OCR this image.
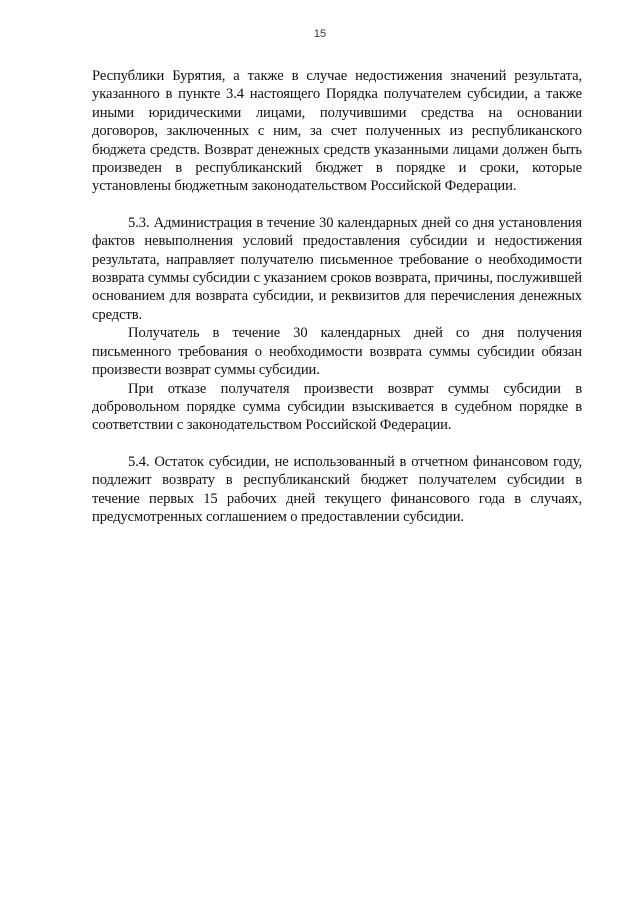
15

Республики Бурятия, а также в случае недостижения значений результата, указанного в пункте 3.4 настоящего Порядка получателем субсидии, а также иными юридическими лицами, получившими средства на основании договоров, заключенных с ним, за счет полученных из республиканского бюджета средств. Возврат денежных средств указанными лицами должен быть произведен в республиканский бюджет в порядке и сроки, которые установлены бюджетным законодательством Российской Федерации.

5.3. Администрация в течение 30 календарных дней со дня установления фактов невыполнения условий предоставления субсидии и недостижения результата, направляет получателю письменное требование о необходимости возврата суммы субсидии с указанием сроков возврата, причины, послужившей основанием для возврата субсидии, и реквизитов для перечисления денежных средств.

Получатель в течение 30 календарных дней со дня получения письменного требования о необходимости возврата суммы субсидии обязан произвести возврат суммы субсидии.

При отказе получателя произвести возврат суммы субсидии в добровольном порядке сумма субсидии взыскивается в судебном порядке в соответствии с законодательством Российской Федерации.

5.4. Остаток субсидии, не использованный в отчетном финансовом году, подлежит возврату в республиканский бюджет получателем субсидии в течение первых 15 рабочих дней текущего финансового года в случаях, предусмотренных соглашением о предоставлении субсидии.
